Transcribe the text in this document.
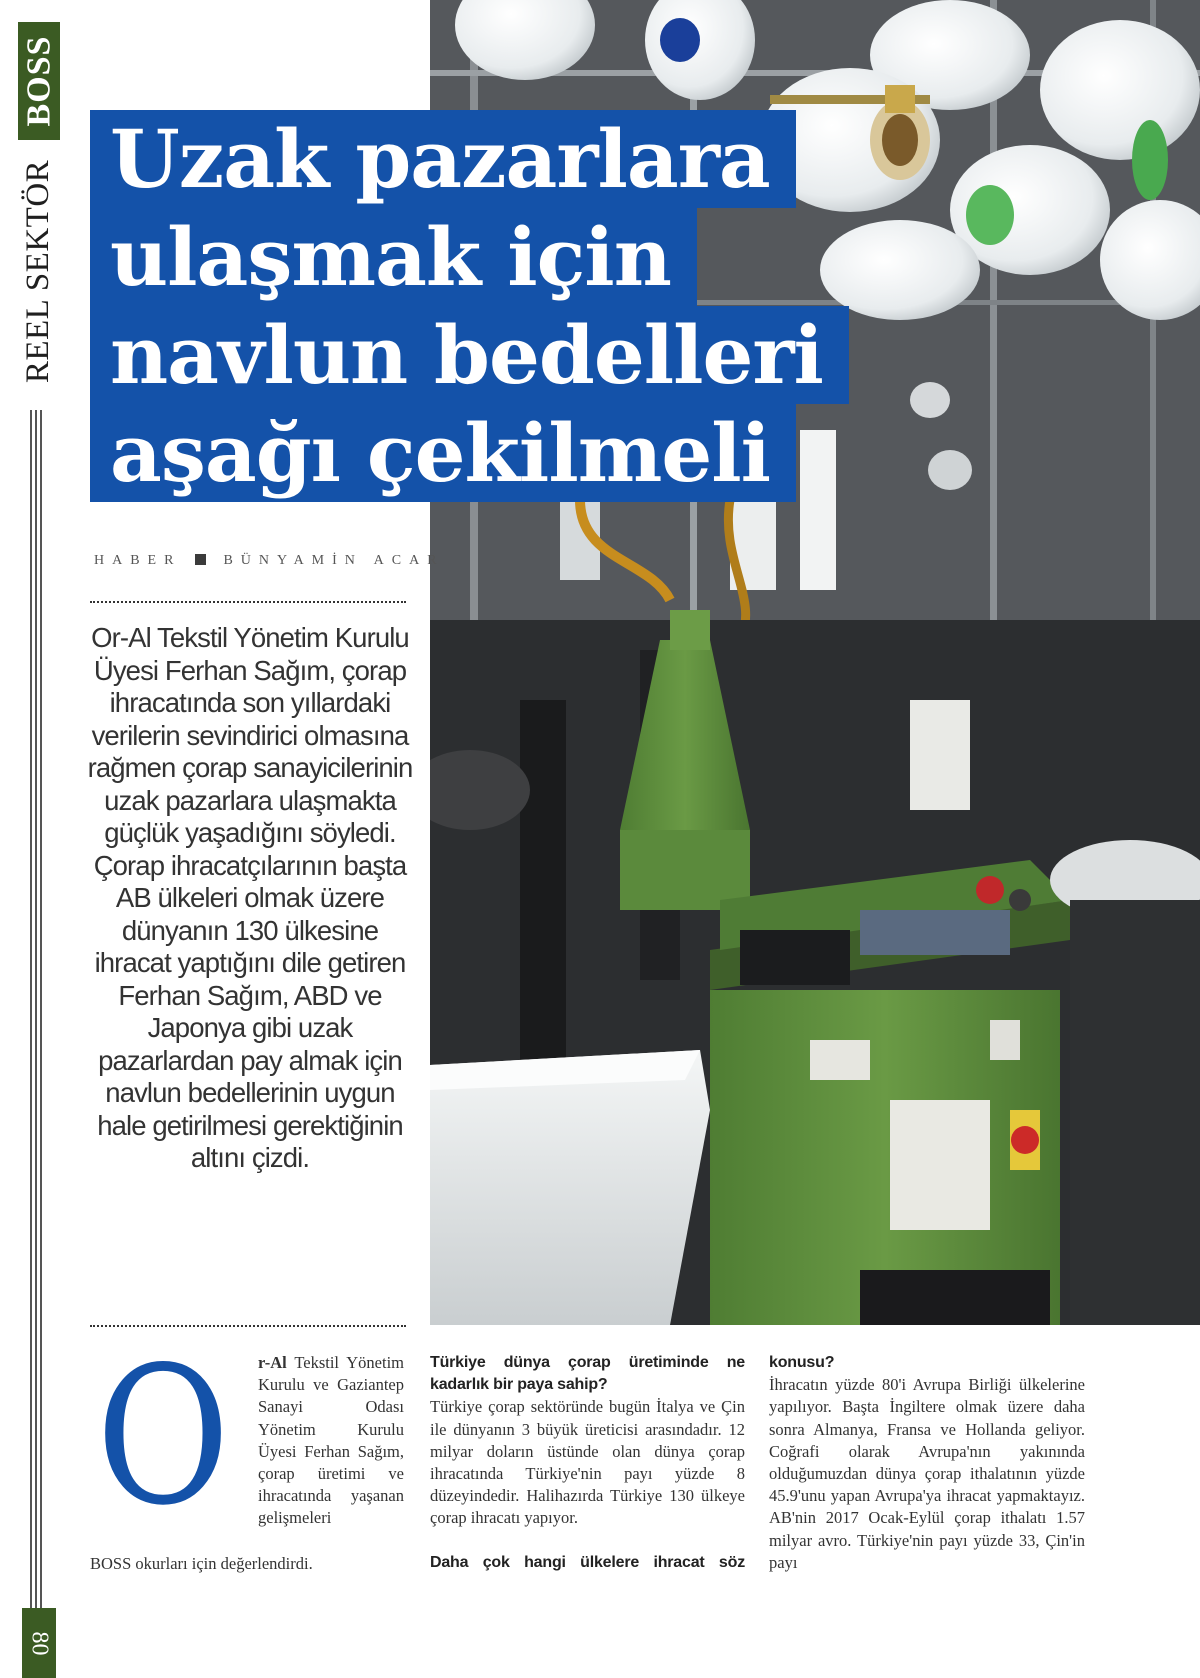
BOSS
REEL SEKTÖR
80
Uzak pazarlara
ulaşmak için
navlun bedelleri
aşağı çekilmeli
HABER	BÜNYAMİN ACAR
Or-Al Tekstil Yönetim Kurulu Üyesi Ferhan Sağım, çorap ihracatında son yıllardaki verilerin sevindirici olmasına rağmen çorap sanayicilerinin uzak pazarlara ulaşmakta güçlük yaşadığını söyledi. Çorap ihracatçılarının başta AB ülkeleri olmak üzere dünyanın 130 ülkesine ihracat yaptığını dile getiren Ferhan Sağım, ABD ve Japonya gibi uzak pazarlardan pay almak için navlun bedellerinin uygun hale getirilmesi gerektiğinin altını çizdi.
O r-Al Tekstil Yönetim Kurulu ve Gaziantep Sanayi Odası Yönetim Kurulu Üyesi Ferhan Sağım, çorap üretimi ve ihracatında yaşanan gelişmeleri

BOSS okurları için değerlendirdi.

Türkiye dünya çorap üretiminde ne kadarlık bir paya sahip?

Türkiye çorap sektöründe bugün İtalya ve Çin ile dünyanın 3 büyük üreticisi arasındadır. 12 milyar doların üstünde olan dünya çorap ihracatında Türkiye'nin payı yüzde 8 düzeyindedir. Halihazırda Türkiye 130 ülkeye çorap ihracatı yapıyor.

Daha çok hangi ülkelere ihracat söz

konusu?

İhracatın yüzde 80'i Avrupa Birliği ülkelerine yapılıyor. Başta İngiltere olmak üzere daha sonra Almanya, Fransa ve Hollanda geliyor. Coğrafi olarak Avrupa'nın yakınında olduğumuzdan dünya çorap ithalatının yüzde 45.9'unu yapan Avrupa'ya ihracat yapmaktayız. AB'nin 2017 Ocak-Eylül çorap ithalatı 1.57 milyar avro. Türkiye'nin payı yüzde 33, Çin'in payı
